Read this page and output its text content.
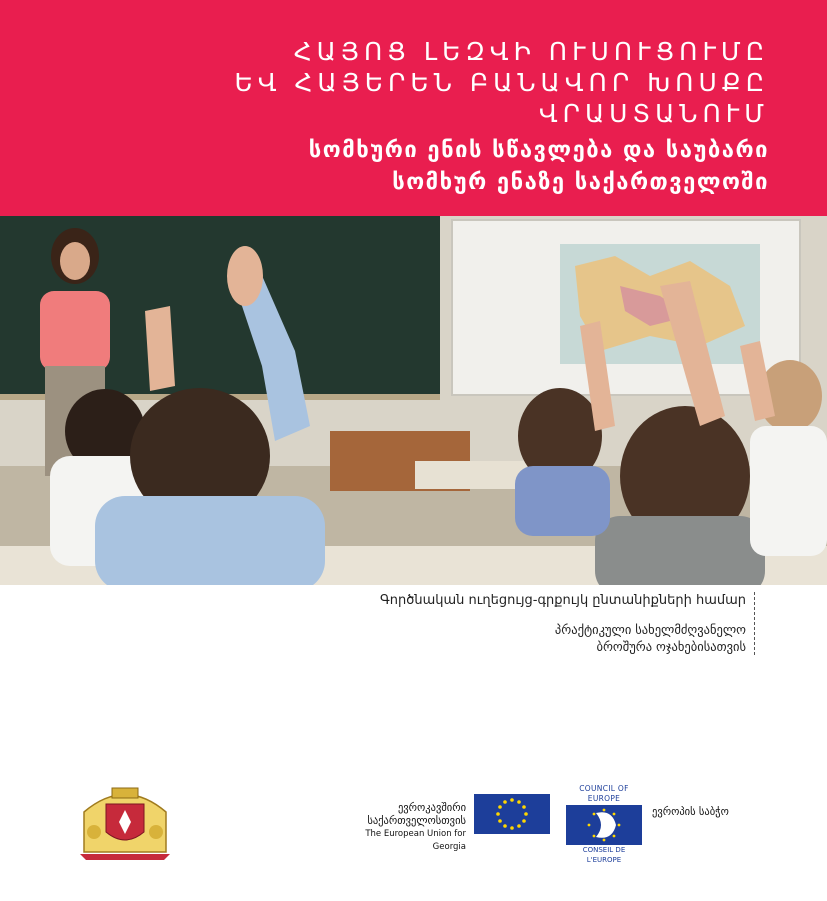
ՀԱՅՈՑ ԼԵԶՎԻ ՈՒՍՈՒՑՈՒՄԸ

ԵՎ ՀԱՅԵՐԵՆ ԲԱՆԱՎՈՐ ԽՈՍՔԸ

ՎՐԱՍՏԱՆՈՒՄ

სომხური ენის სწავლება და საუბარი

სომხურ ენაზე საქართველოში

Գործնական ուղեցույց-գրքույկ ընտանիքների համար

პრაქტიკული სახელმძღვანელო

ბროშურა ოჯახებისათვის

ევროკავშირი
საქართველოსთვის
The European Union for Georgia
COUNCIL OF EUROPE
CONSEIL DE L'EUROPE
ევროპის საბჭო
